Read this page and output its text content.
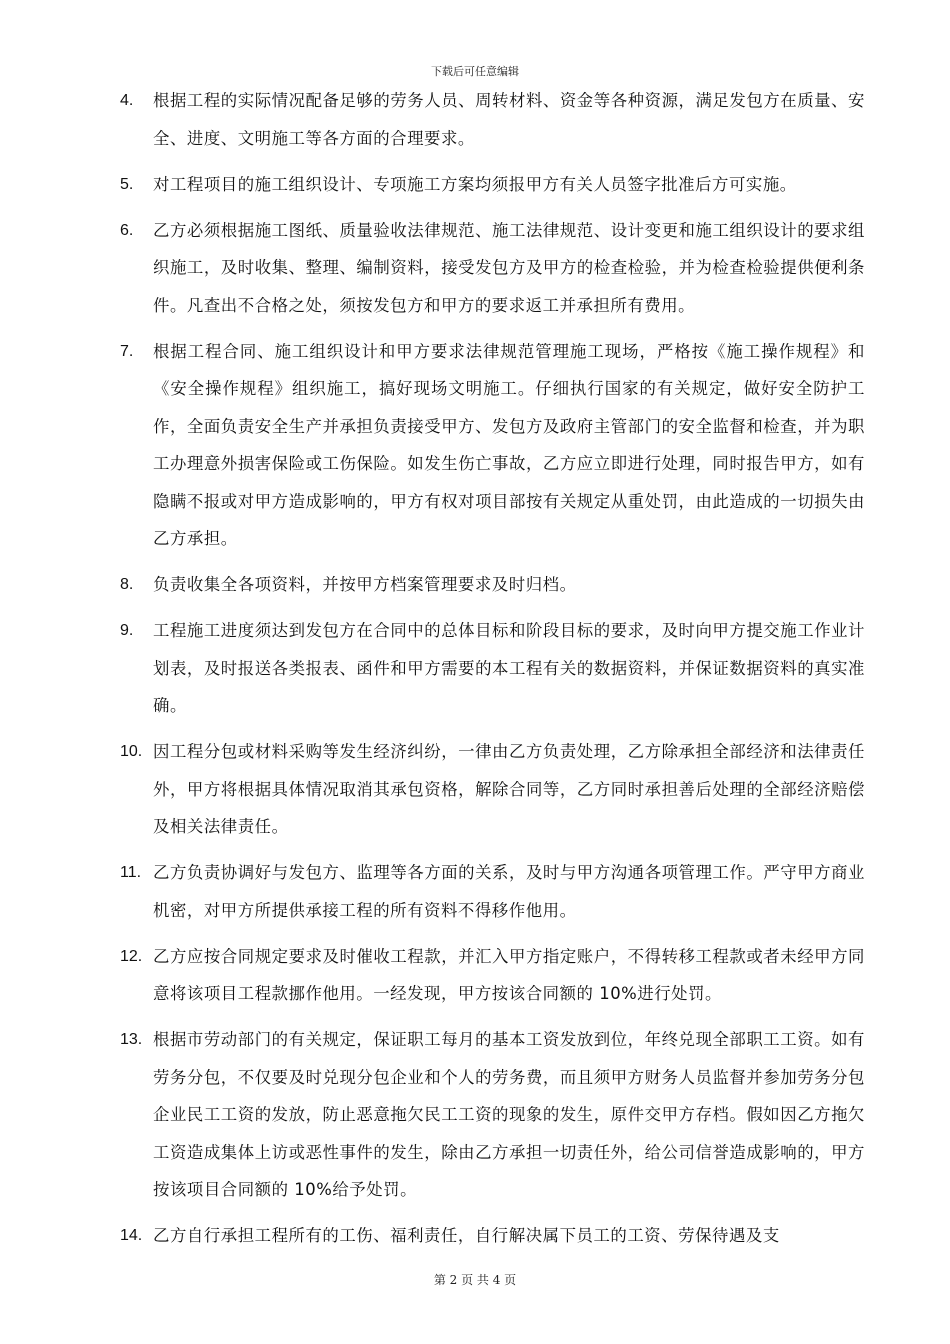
下载后可任意编辑
4.	根据工程的实际情况配备足够的劳务人员、周转材料、资金等各种资源，满足发包方在质量、安全、进度、文明施工等各方面的合理要求。
5.	对工程项目的施工组织设计、专项施工方案均须报甲方有关人员签字批准后方可实施。
6.	乙方必须根据施工图纸、质量验收法律规范、施工法律规范、设计变更和施工组织设计的要求组织施工，及时收集、整理、编制资料，接受发包方及甲方的检查检验，并为检查检验提供便利条件。凡查出不合格之处，须按发包方和甲方的要求返工并承担所有费用。
7.	根据工程合同、施工组织设计和甲方要求法律规范管理施工现场，严格按《施工操作规程》和《安全操作规程》组织施工，搞好现场文明施工。仔细执行国家的有关规定，做好安全防护工作，全面负责安全生产并承担负责接受甲方、发包方及政府主管部门的安全监督和检查，并为职工办理意外损害保险或工伤保险。如发生伤亡事故，乙方应立即进行处理，同时报告甲方，如有隐瞒不报或对甲方造成影响的，甲方有权对项目部按有关规定从重处罚，由此造成的一切损失由乙方承担。
8.	负责收集全各项资料，并按甲方档案管理要求及时归档。
9.	工程施工进度须达到发包方在合同中的总体目标和阶段目标的要求，及时向甲方提交施工作业计划表，及时报送各类报表、函件和甲方需要的本工程有关的数据资料，并保证数据资料的真实准确。
10. 因工程分包或材料采购等发生经济纠纷，一律由乙方负责处理，乙方除承担全部经济和法律责任外，甲方将根据具体情况取消其承包资格，解除合同等，乙方同时承担善后处理的全部经济赔偿及相关法律责任。
11. 乙方负责协调好与发包方、监理等各方面的关系，及时与甲方沟通各项管理工作。严守甲方商业机密，对甲方所提供承接工程的所有资料不得移作他用。
12. 乙方应按合同规定要求及时催收工程款，并汇入甲方指定账户，不得转移工程款或者未经甲方同意将该项目工程款挪作他用。一经发现，甲方按该合同额的 10%进行处罚。
13. 根据市劳动部门的有关规定，保证职工每月的基本工资发放到位，年终兑现全部职工工资。如有劳务分包，不仅要及时兑现分包企业和个人的劳务费，而且须甲方财务人员监督并参加劳务分包企业民工工资的发放，防止恶意拖欠民工工资的现象的发生，原件交甲方存档。假如因乙方拖欠工资造成集体上访或恶性事件的发生，除由乙方承担一切责任外，给公司信誉造成影响的，甲方按该项目合同额的 10%给予处罚。
14. 乙方自行承担工程所有的工伤、福利责任，自行解决属下员工的工资、劳保待遇及支
第 2 页 共 4 页
